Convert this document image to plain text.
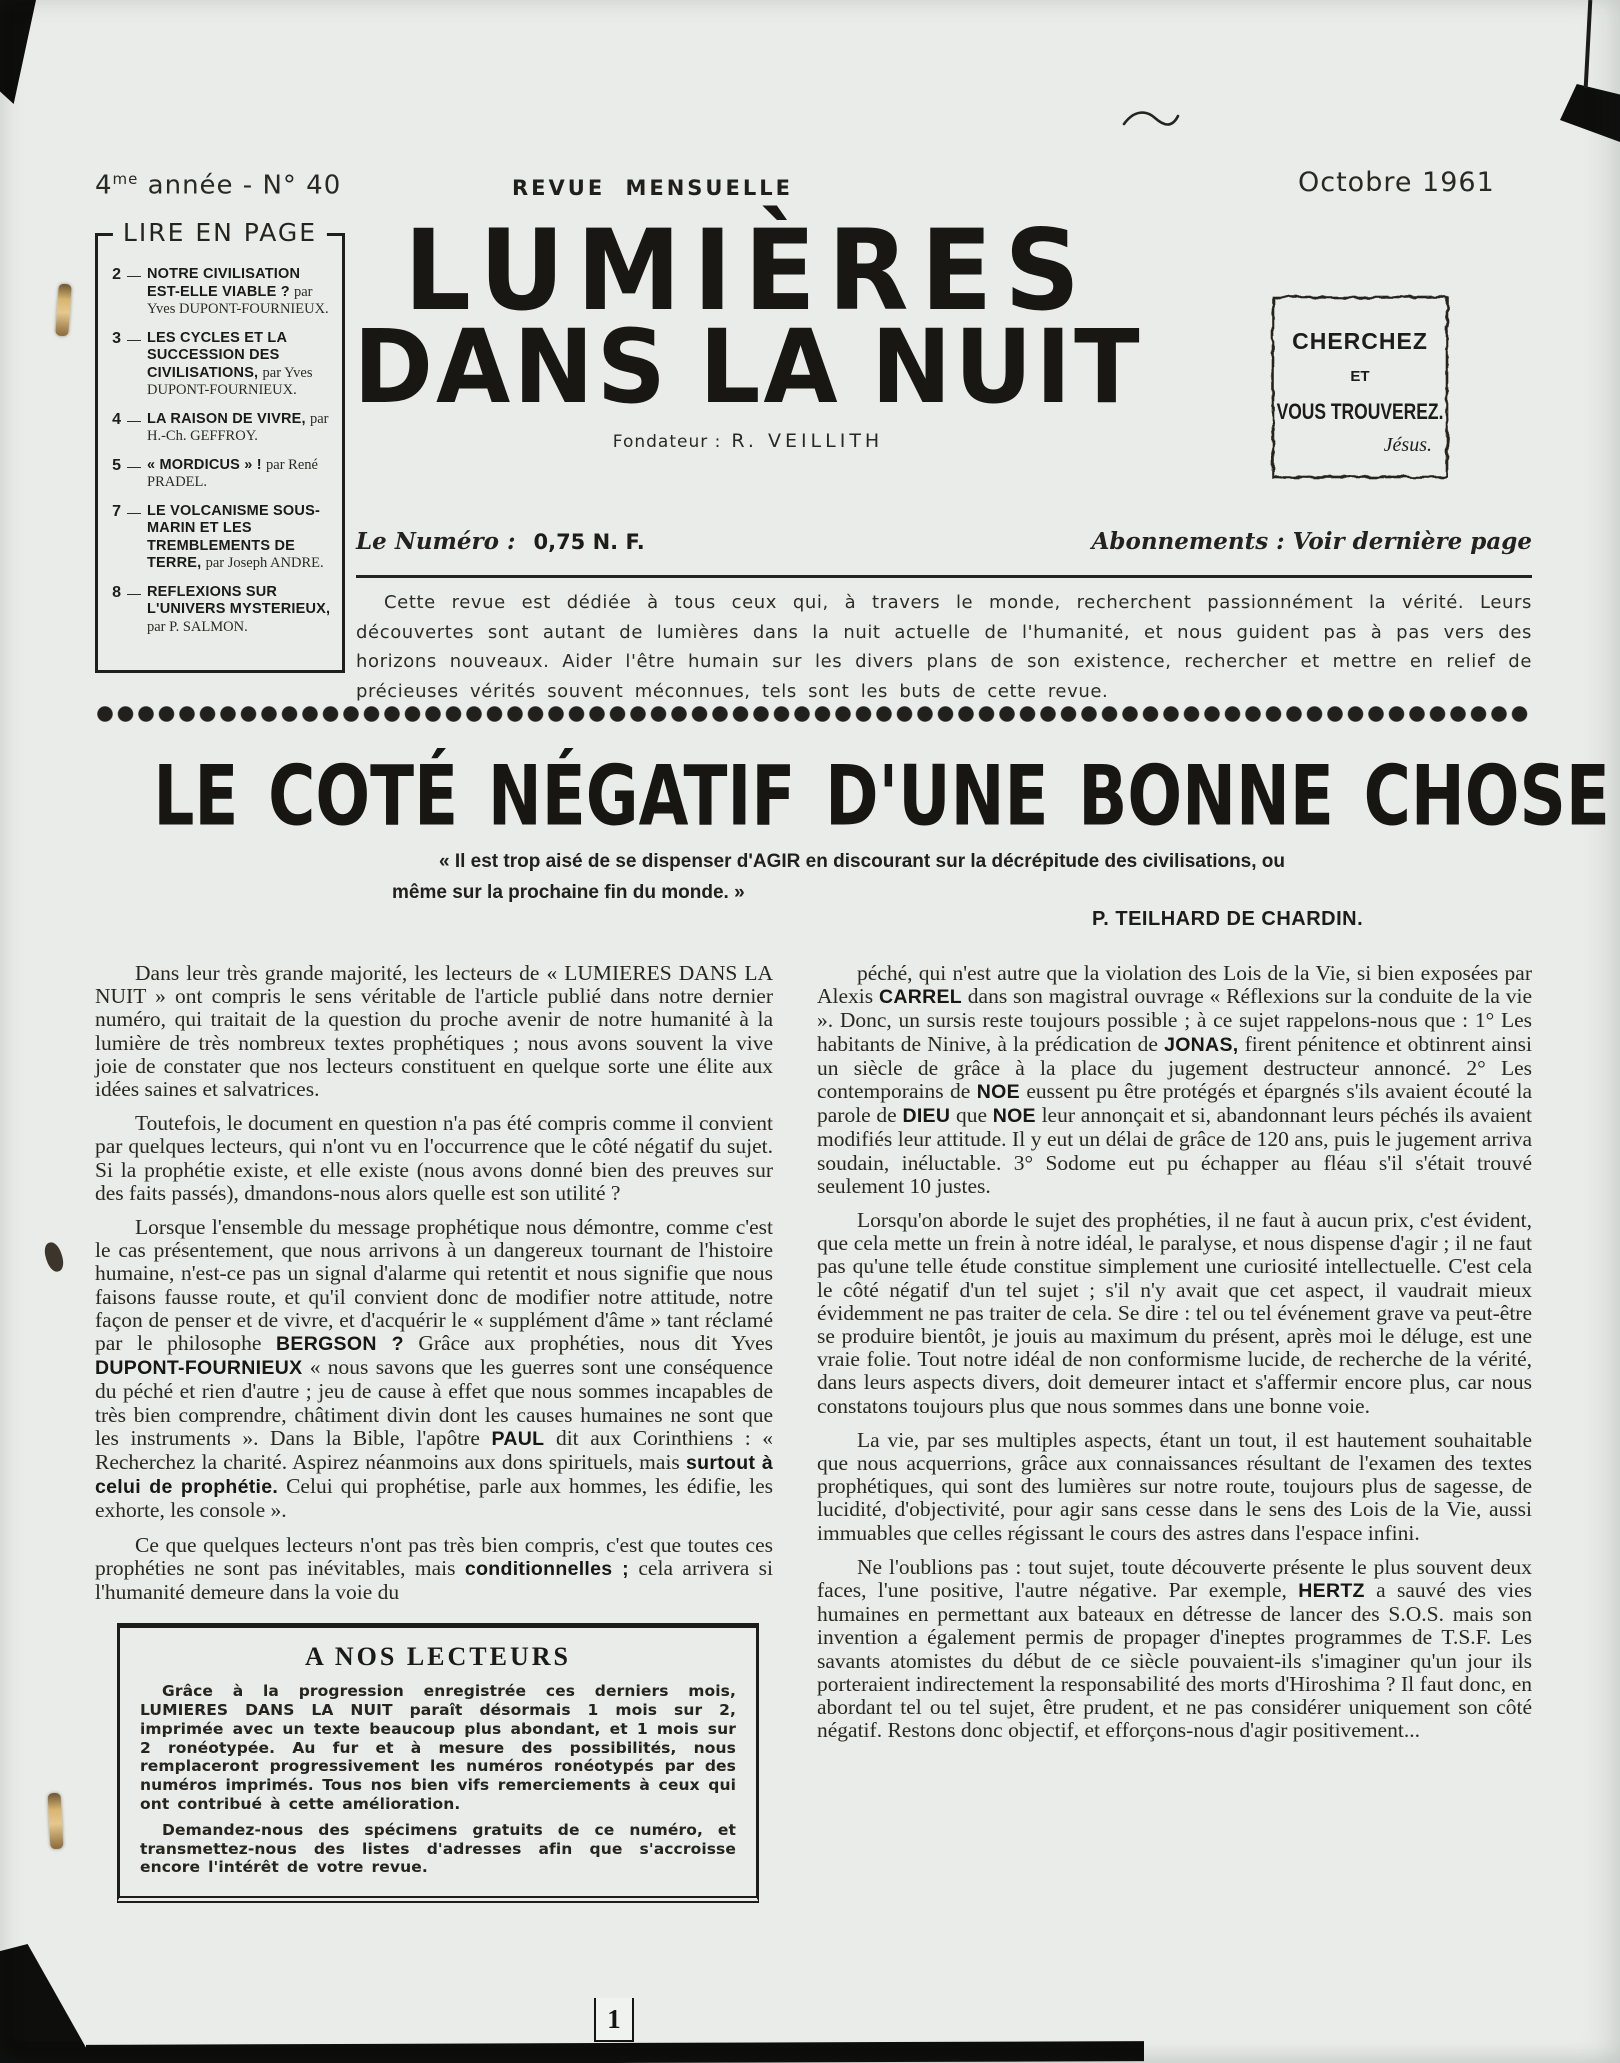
$4^{me}$ année - N° 40	REVUE MENSUELLE	Octobre 1961
LIRE EN PAGE
2 — NOTRE CIVILISATION EST-ELLE VIABLE ? par Yves DUPONT-FOURNIEUX.
3 — LES CYCLES ET LA SUCCESSION DES CIVILISATIONS, par Yves DUPONT-FOURNIEUX.
4 — LA RAISON DE VIVRE, par H.-Ch. GEFFROY.
5 — « MORDICUS » ! par René PRADEL.
7 — LE VOLCANISME SOUS-MARIN ET LES TREMBLEMENTS DE TERRE, par Joseph ANDRE.
8 — REFLEXIONS SUR L'UNIVERS MYSTERIEUX, par P. SALMON.
LUMIÈRES
DANS LA NUIT
Fondateur : R. VEILLITH
CHERCHEZ
ET
VOUS TROUVEREZ.
Jésus.
Le Numéro : 0,75 N. F.	Abonnements : Voir dernière page
Cette revue est dédiée à tous ceux qui, à travers le monde, recherchent passionnément la vérité. Leurs découvertes sont autant de lumières dans la nuit actuelle de l'humanité, et nous guident pas à pas vers des horizons nouveaux. Aider l'être humain sur les divers plans de son existence, rechercher et mettre en relief de précieuses vérités souvent méconnues, tels sont les buts de cette revue.
LE COTÉ NÉGATIF D'UNE BONNE CHOSE
« Il est trop aisé de se dispenser d'AGIR en discourant sur la décrépitude des civilisations, ou
même sur la prochaine fin du monde. »
P. TEILHARD DE CHARDIN.

Dans leur très grande majorité, les lecteurs de « LUMIERES DANS LA NUIT » ont compris le sens véritable de l'article publié dans notre dernier numéro, qui traitait de la question du proche avenir de notre humanité à la lumière de très nombreux textes prophétiques ; nous avons souvent la vive joie de constater que nos lecteurs constituent en quelque sorte une élite aux idées saines et salvatrices.

Toutefois, le document en question n'a pas été compris comme il convient par quelques lecteurs, qui n'ont vu en l'occurrence que le côté négatif du sujet. Si la prophétie existe, et elle existe (nous avons donné bien des preuves sur des faits passés), dmandons-nous alors quelle est son utilité ?

Lorsque l'ensemble du message prophétique nous démontre, comme c'est le cas présentement, que nous arrivons à un dangereux tournant de l'histoire humaine, n'est-ce pas un signal d'alarme qui retentit et nous signifie que nous faisons fausse route, et qu'il convient donc de modifier notre attitude, notre façon de penser et de vivre, et d'acquérir le « supplément d'âme » tant réclamé par le philosophe BERGSON ? Grâce aux prophéties, nous dit Yves DUPONT-FOURNIEUX « nous savons que les guerres sont une conséquence du péché et rien d'autre ; jeu de cause à effet que nous sommes incapables de très bien comprendre, châtiment divin dont les causes humaines ne sont que les instruments ». Dans la Bible, l'apôtre PAUL dit aux Corinthiens : « Recherchez la charité. Aspirez néanmoins aux dons spirituels, mais surtout à celui de prophétie. Celui qui prophétise, parle aux hommes, les édifie, les exhorte, les console ».

Ce que quelques lecteurs n'ont pas très bien compris, c'est que toutes ces prophéties ne sont pas inévitables, mais conditionnelles ; cela arrivera si l'humanité demeure dans la voie du

A NOS LECTEURS

Grâce à la progression enregistrée ces derniers mois, LUMIERES DANS LA NUIT paraît désormais 1 mois sur 2, imprimée avec un texte beaucoup plus abondant, et 1 mois sur 2 ronéotypée. Au fur et à mesure des possibilités, nous remplaceront progressivement les numéros ronéotypés par des numéros imprimés. Tous nos bien vifs remerciements à ceux qui ont contribué à cette amélioration.

Demandez-nous des spécimens gratuits de ce numéro, et transmettez-nous des listes d'adresses afin que s'accroisse encore l'intérêt de votre revue.

péché, qui n'est autre que la violation des Lois de la Vie, si bien exposées par Alexis CARREL dans son magistral ouvrage « Réflexions sur la conduite de la vie ». Donc, un sursis reste toujours possible ; à ce sujet rappelons-nous que : 1° Les habitants de Ninive, à la prédication de JONAS, firent pénitence et obtinrent ainsi un siècle de grâce à la place du jugement destructeur annoncé. 2° Les contemporains de NOE eussent pu être protégés et épargnés s'ils avaient écouté la parole de DIEU que NOE leur annonçait et si, abandonnant leurs péchés ils avaient modifiés leur attitude. Il y eut un délai de grâce de 120 ans, puis le jugement arriva soudain, inéluctable. 3° Sodome eut pu échapper au fléau s'il s'était trouvé seulement 10 justes.

Lorsqu'on aborde le sujet des prophéties, il ne faut à aucun prix, c'est évident, que cela mette un frein à notre idéal, le paralyse, et nous dispense d'agir ; il ne faut pas qu'une telle étude constitue simplement une curiosité intellectuelle. C'est cela le côté négatif d'un tel sujet ; s'il n'y avait que cet aspect, il vaudrait mieux évidemment ne pas traiter de cela. Se dire : tel ou tel événement grave va peut-être se produire bientôt, je jouis au maximum du présent, après moi le déluge, est une vraie folie. Tout notre idéal de non conformisme lucide, de recherche de la vérité, dans leurs aspects divers, doit demeurer intact et s'affermir encore plus, car nous constatons toujours plus que nous sommes dans une bonne voie.

La vie, par ses multiples aspects, étant un tout, il est hautement souhaitable que nous acquerrions, grâce aux connaissances résultant de l'examen des textes prophétiques, qui sont des lumières sur notre route, toujours plus de sagesse, de lucidité, d'objectivité, pour agir sans cesse dans le sens des Lois de la Vie, aussi immuables que celles régissant le cours des astres dans l'espace infini.

Ne l'oublions pas : tout sujet, toute découverte présente le plus souvent deux faces, l'une positive, l'autre négative. Par exemple, HERTZ a sauvé des vies humaines en permettant aux bateaux en détresse de lancer des S.O.S. mais son invention a également permis de propager d'ineptes programmes de T.S.F. Les savants atomistes du début de ce siècle pouvaient-ils s'imaginer qu'un jour ils porteraient indirectement la responsabilité des morts d'Hiroshima ? Il faut donc, en abordant tel ou tel sujet, être prudent, et ne pas considérer uniquement son côté négatif. Restons donc objectif, et efforçons-nous d'agir positivement...

1
